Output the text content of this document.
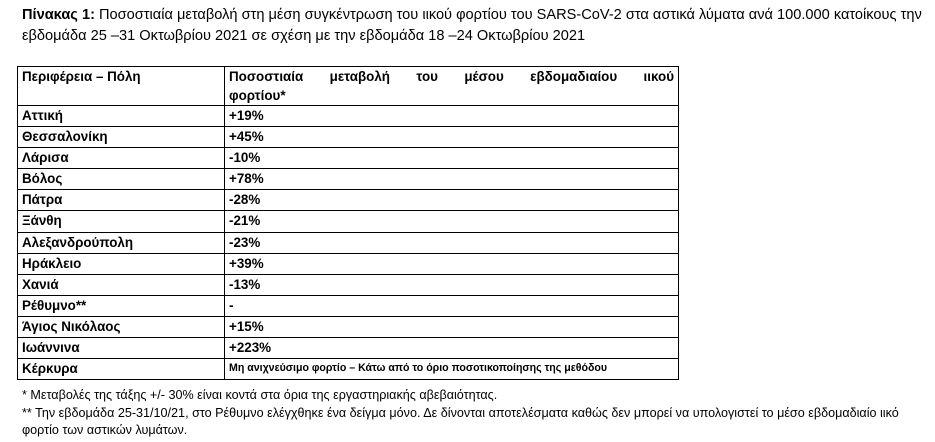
Πίνακας 1: Ποσοστιαία μεταβολή στη μέση συγκέντρωση του ιικού φορτίου του SARS-CoV-2 στα αστικά λύματα ανά 100.000 κατοίκους την εβδομάδα 25 –31 Οκτωβρίου 2021 σε σχέση με την εβδομάδα 18 –24 Οκτωβρίου 2021
Περιφέρεια – Πόλη	Ποσοστιαία μεταβολή του μέσου εβδομαδιαίου ιικού φορτίου*
Αττική	+19%
Θεσσαλονίκη	+45%
Λάρισα	-10%
Βόλος	+78%
Πάτρα	-28%
Ξάνθη	-21%
Αλεξανδρούπολη	-23%
Ηράκλειο	+39%
Χανιά	-13%
Ρέθυμνο**	-
Άγιος Νικόλαος	+15%
Ιωάννινα	+223%
Κέρκυρα	Μη ανιχνεύσιμο φορτίο – Κάτω από το όριο ποσοτικοποίησης της μεθόδου
* Μεταβολές της τάξης +/- 30% είναι κοντά στα όρια της εργαστηριακής αβεβαιότητας.
** Την εβδομάδα 25-31/10/21, στο Ρέθυμνο ελέγχθηκε ένα δείγμα μόνο. Δε δίνονται αποτελέσματα καθώς δεν μπορεί να υπολογιστεί το μέσο εβδομαδιαίο ιικό φορτίο των αστικών λυμάτων.
